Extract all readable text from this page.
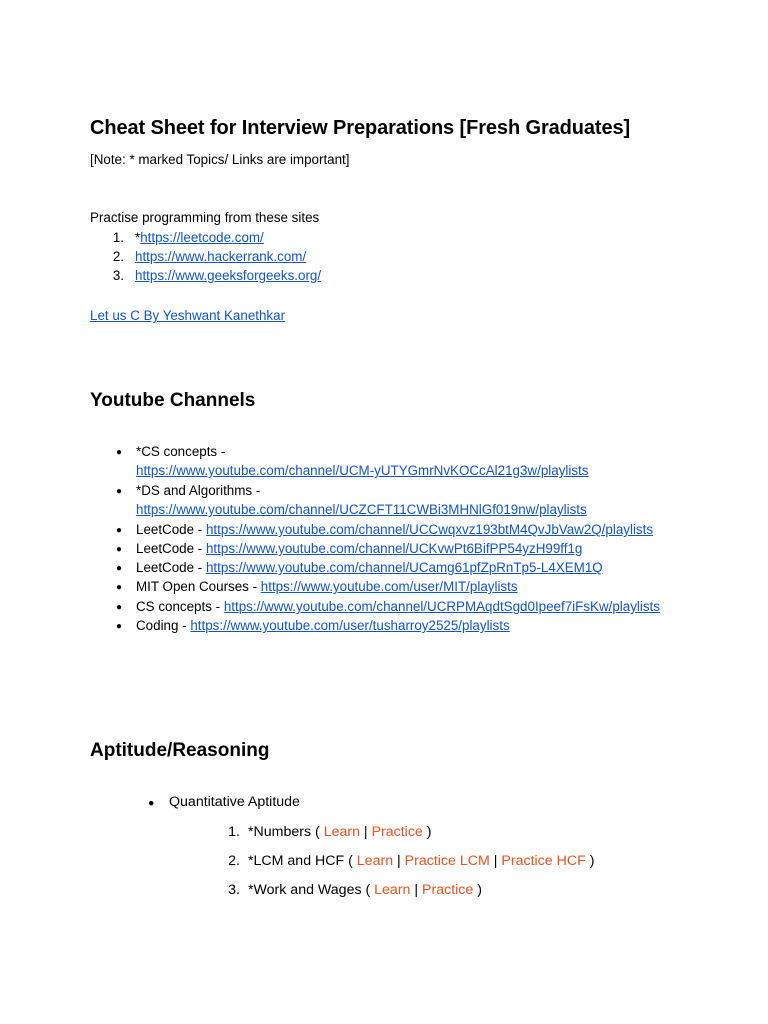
Cheat Sheet for Interview Preparations [Fresh Graduates]
[Note: * marked Topics/ Links are important]
Practise programming from these sites
1. *https://leetcode.com/
2. https://www.hackerrank.com/
3. https://www.geeksforgeeks.org/
Let us C By Yeshwant Kanethkar
Youtube Channels
● *CS concepts -
https://www.youtube.com/channel/UCM-yUTYGmrNvKOCcAl21g3w/playlists
● *DS and Algorithms -
https://www.youtube.com/channel/UCZCFT11CWBi3MHNlGf019nw/playlists
● LeetCode - https://www.youtube.com/channel/UCCwqxvz193btM4QvJbVaw2Q/playlists
● LeetCode - https://www.youtube.com/channel/UCKvwPt6BifPP54yzH99ff1g
● LeetCode - https://www.youtube.com/channel/UCamg61pfZpRnTp5-L4XEM1Q
● MIT Open Courses - https://www.youtube.com/user/MIT/playlists
● CS concepts - https://www.youtube.com/channel/UCRPMAqdtSgd0Ipeef7iFsKw/playlists
● Coding - https://www.youtube.com/user/tusharroy2525/playlists
Aptitude/Reasoning
● Quantitative Aptitude
1. *Numbers ( Learn | Practice )
2. *LCM and HCF ( Learn | Practice LCM | Practice HCF )
3. *Work and Wages ( Learn | Practice )
